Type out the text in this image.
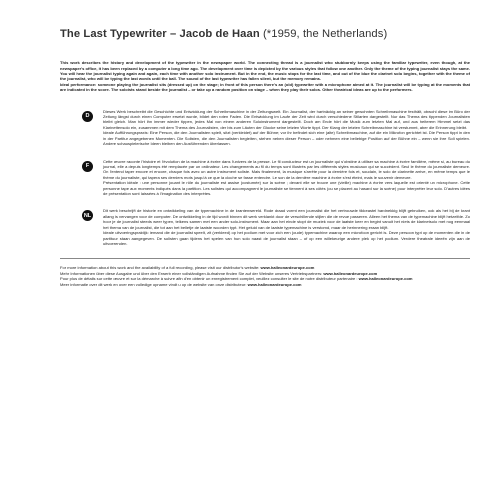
The Last Typewriter – Jacob de Haan (*1959, the Netherlands)

This work describes the history and development of the typewriter in the newspaper world. The connecting thread is a journalist who stubbornly keeps using the familiar typewriter, even though, at the newspaper's office, it has been replaced by a computer a long time ago. The development over time is depicted by the various styles that follow one another. Only the theme of the typing journalist stays the same. You will hear the journalist typing again and again, each time with another solo instrument. But in the end, the music stops for the last time, and out of the blue the clarinet solo begins, together with the theme of the journalist, who will be typing the last words until the ball. The sound of the last typewriter has fallen silent, but the memory remains.

Ideal performance: someone playing the journalist sits (dressed up) on the stage; in front of this person there's an (old) typewriter with a microphone aimed at it. The journalist will be typing at the moments that are indicated in the score. The soloists stand beside the journalist – or take up a random position on stage – when they play their solos. Other theatrical ideas are up to the performers.

D

Dieses Werk beschreibt die Geschichte und Entwicklung der Schreibmaschine in der Zeitungswelt. Ein Journalist, der hartnäckig an seiner gewohnten Schreibmaschine festhält, obwohl diese im Büro der Zeitung längst durch einen Computer ersetzt wurde, bildet den roten Faden. Die Entwicklung im Laufe der Zeit wird durch verschiedene Stilarten dargestellt. Nur das Thema des tippenden Journalisten bleibt gleich. Man hört ihn immer wieder tippen, jedes Mal von einem anderen Soloinstrument dargestellt. Doch am Ende hört die Musik zum letzten Mal auf, und aus heiterem Himmel setzt das Klarinettensolo ein, zusammen mit dem Thema des Journalisten, der bis zum Läuten der Glocke seine letzten Worte tippt. Der Klang der letzten Schreibmaschine ist verstummt, aber die Erinnerung bleibt.

Ideale Aufführungspraxis: Eine Person, die den Journalisten spielt, sitzt (verkleidet) auf der Bühne; vor ihr befindet sich eine (alte) Schreibmaschine, auf die ein Mikrofon gerichtet ist. Die Person tippt in den in der Partitur angegebenen Momenten. Die Solisten, die den Journalisten begleiten, stehen neben dieser Person – oder nehmen eine beliebige Position auf der Bühne ein – wenn sie ihre Soli spielen. Andere schauspielerische Ideen bleiben den Ausführenden überlassen.

F

Cette œuvre raconte l'histoire et l'évolution de la machine à écrire dans l'univers de la presse. Le fil conducteur est un journaliste qui s'obstine à utiliser sa machine à écrire familière, même si, au bureau du journal, elle a depuis longtemps été remplacée par un ordinateur. Les changements au fil du temps sont illustrés par les différents styles musicaux qui se succèdent. Seul le thème du journaliste demeure. On l'entend taper encore et encore, chaque fois avec un autre instrument soliste. Mais finalement, la musique s'arrête pour la dernière fois et, soudain, le solo de clarinette arrive, en même temps que le thème du journaliste, qui tapera ses derniers mots jusqu'à ce que la cloche se fasse entendre. Le son de la dernière machine à écrire s'est éteint, mais le souvenir demeure.

Présentation idéale : une personne jouant le rôle du journaliste est assise (costumée) sur la scène ; devant elle se trouve une (vieille) machine à écrire vers laquelle est orienté un microphone. Cette personne tape aux moments indiqués dans la partition. Les solistes qui accompagnent le journaliste se tiennent à ses côtés (ou se placent au hasard sur la scène) pour interpréter leur solo. D'autres idées de présentation sont laissées à l'imagination des interprètes.

NL

Dit werk beschrijft de historie en ontwikkeling van de typemachine in de krantenwereld. Rode draad vormt een journalist die het vertrouwde tikkeastel hardnekkig blijft gebruiken, ook als het bij de krant allang is vervangen voor de computer. De ontwikkeling in de tijd wordt binnen dit werk verklankt door de verschillende stijlen die de revue passeren. Alleen het thema van de typemachine blijft hetzelfde. Zo hoor je de journalist steeds weer typen, telkens samen met een ander solo-instrument. Maar aan het einde stopt de muziek voor de laatste keer en begint vanuit het niets de klarinetsolo met nog eenmaal het thema van de journalist, die tot aan het belletje de laatste woorden typt. Het geluid van de laatste typemachine is verstomd, maar de herinnering eraan blijft.

Ideale uitvoeringspraktijk: iemand die de journalist speelt, zit (verkleed) op het podium met voor zich een (oude) typemachine waarop een microfoon gericht is. Deze persoon typt op de momenten die in de partituur staan aangegeven. De solisten gaan tijdens het spelen van hun solo naast de journalist staan – of op een willekeurige andere plek op het podium. Verdere theatrale ideeën zijn aan de uitvoerenden.

For more information about this work and the availability of a full recording, please visit our distributor's website: www.halleonardeurope.com

Mehr Informationen über diese Ausgabe und über den Erwerb einer vollständigen Aufnahme finden Sie auf der Website unseres Vertriebspartners: www.halleonardeurope.com

Pour plus de détails sur cette œuvre et sur la démarche à suivre afin d'en obtenir un enregistrement complet, veuillez consulter le site de notre distributeur partenaire : www.halleonardeurope.com

Meer informatie over dit werk en over een volledige opname vindt u op de website van onze distributeur: www.halleonardeurope.com
